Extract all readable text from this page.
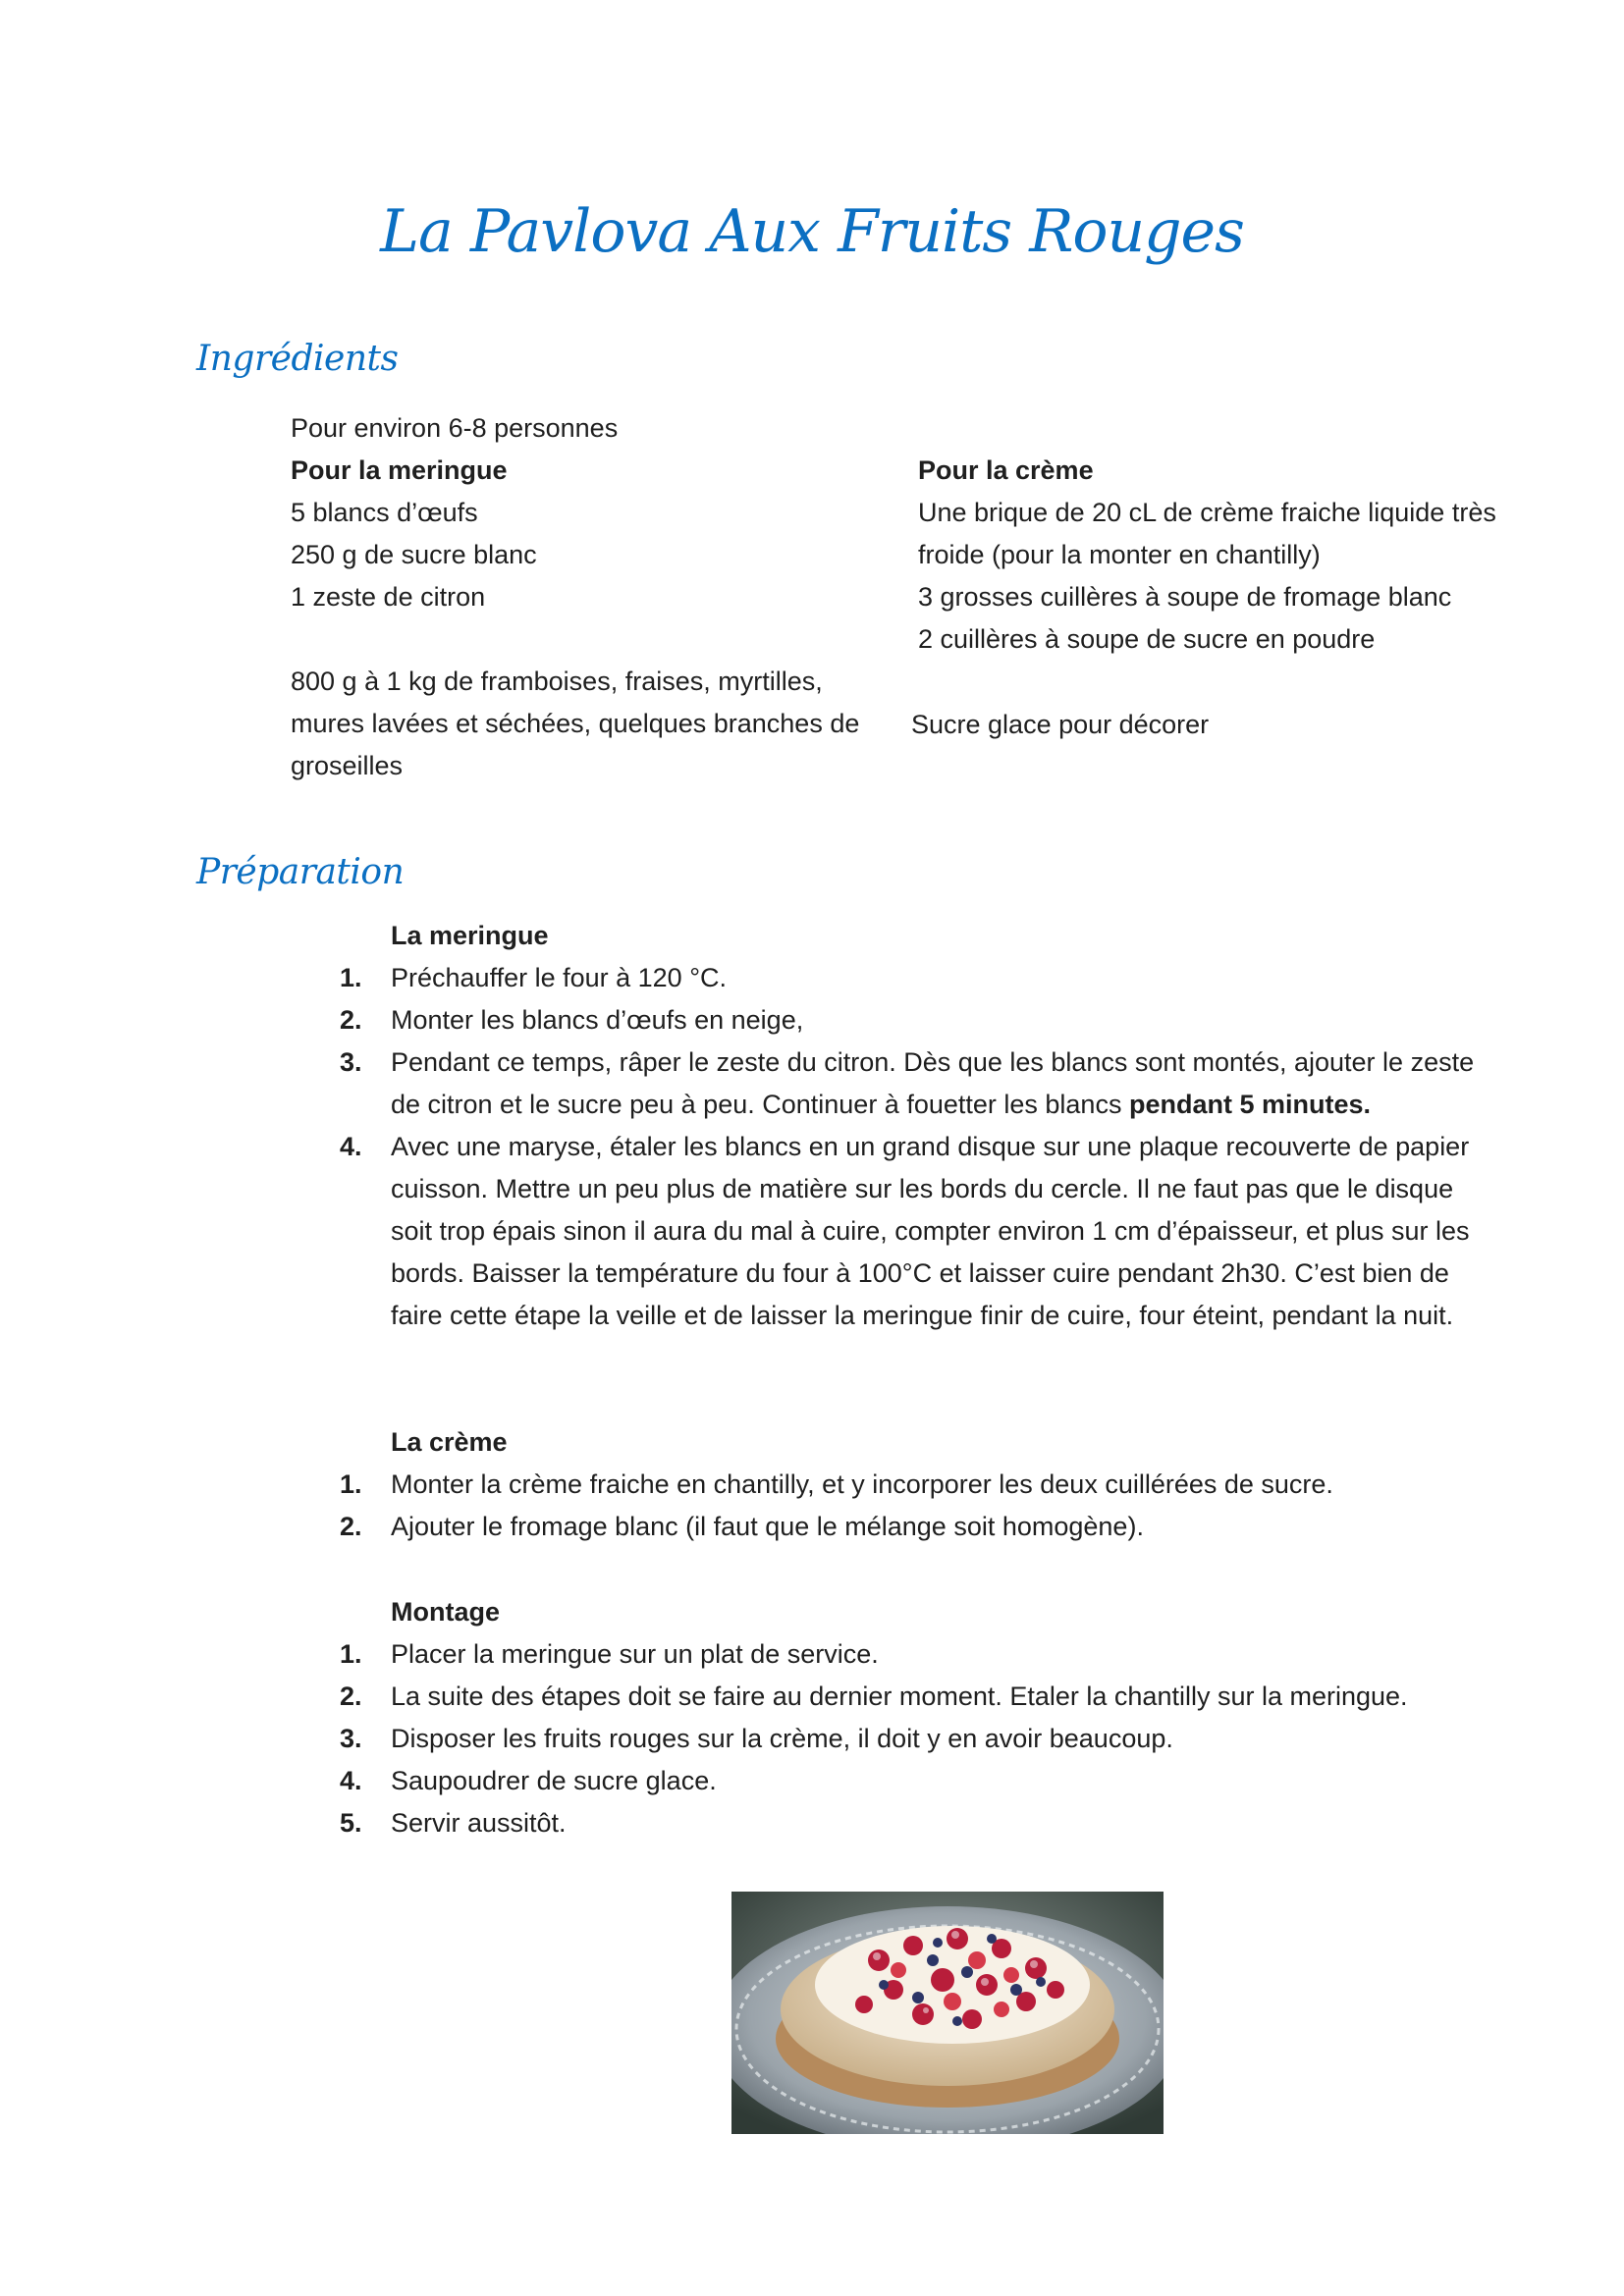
La Pavlova Aux Fruits Rouges
Ingrédients
Pour environ 6-8 personnes
Pour la meringue
5 blancs d’œufs
250 g de sucre blanc
1 zeste de citron
800 g à 1 kg de framboises, fraises, myrtilles, mures lavées et séchées, quelques branches de groseilles
Pour la crème
Une brique de 20 cL de crème fraiche liquide très froide (pour la monter en chantilly)
3 grosses cuillères à soupe de fromage blanc
2 cuillères à soupe de sucre en poudre
Sucre glace pour décorer
Préparation
La meringue
1. Préchauffer le four à 120 °C.
2. Monter les blancs d’œufs en neige,
3. Pendant ce temps, râper le zeste du citron. Dès que les blancs sont montés, ajouter le zeste de citron et le sucre peu à peu. Continuer à fouetter les blancs pendant 5 minutes.
4. Avec une maryse, étaler les blancs en un grand disque sur une plaque recouverte de papier cuisson. Mettre un peu plus de matière sur les bords du cercle. Il ne faut pas que le disque soit trop épais sinon il aura du mal à cuire, compter environ 1 cm d’épaisseur, et plus sur les bords. Baisser la température du four à 100°C et laisser cuire pendant 2h30. C’est bien de faire cette étape la veille et de laisser la meringue finir de cuire, four éteint, pendant la nuit.
La crème
1. Monter la crème fraiche en chantilly, et y incorporer les deux cuillérées de sucre.
2. Ajouter le fromage blanc (il faut que le mélange soit homogène).
Montage
1. Placer la meringue sur un plat de service.
2. La suite des étapes doit se faire au dernier moment. Etaler la chantilly sur la meringue.
3. Disposer les fruits rouges sur la crème, il doit y en avoir beaucoup.
4. Saupoudrer de sucre glace.
5. Servir aussitôt.
